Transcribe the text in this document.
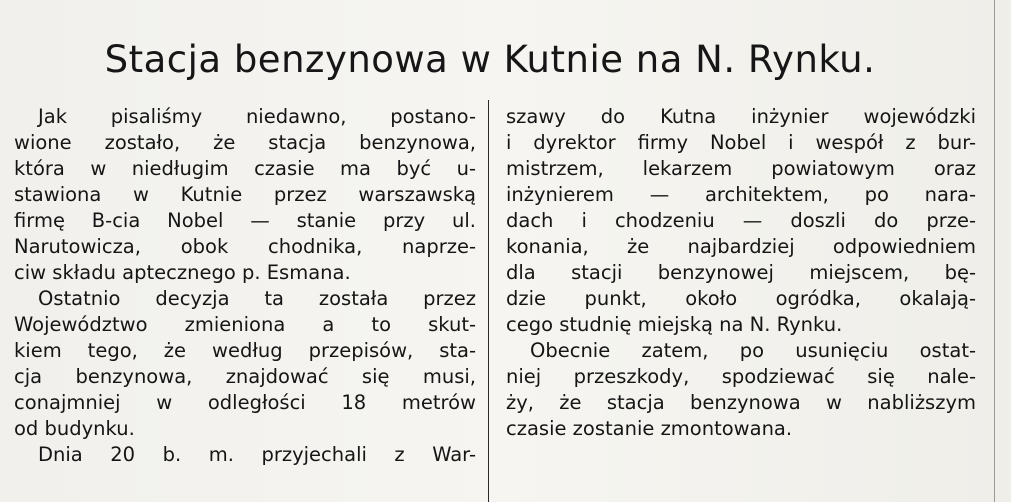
Stacja benzynowa w Kutnie na N. Rynku.
Jak pisaliśmy niedawno, postano-
wione zostało, że stacja benzynowa,
która w niedługim czasie ma być u-
stawiona w Kutnie przez warszawską
firmę B-cia Nobel — stanie przy ul.
Narutowicza, obok chodnika, naprze-
ciw składu aptecznego p. Esmana.
Ostatnio decyzja ta została przez
Województwo zmieniona a to skut-
kiem tego, że według przepisów, sta-
cja benzynowa, znajdować się musi,
conajmniej w odległości 18 metrów
od budynku.
Dnia 20 b. m. przyjechali z War-
szawy do Kutna inżynier wojewódzki
i dyrektor firmy Nobel i wespół z bur-
mistrzem, lekarzem powiatowym oraz
inżynierem — architektem, po nara-
dach i chodzeniu — doszli do prze-
konania, że najbardziej odpowiedniem
dla stacji benzynowej miejscem, bę-
dzie punkt, około ogródka, okalają-
cego studnię miejską na N. Rynku.
Obecnie zatem, po usunięciu ostat-
niej przeszkody, spodziewać się nale-
ży, że stacja benzynowa w nabliższym
czasie zostanie zmontowana.
